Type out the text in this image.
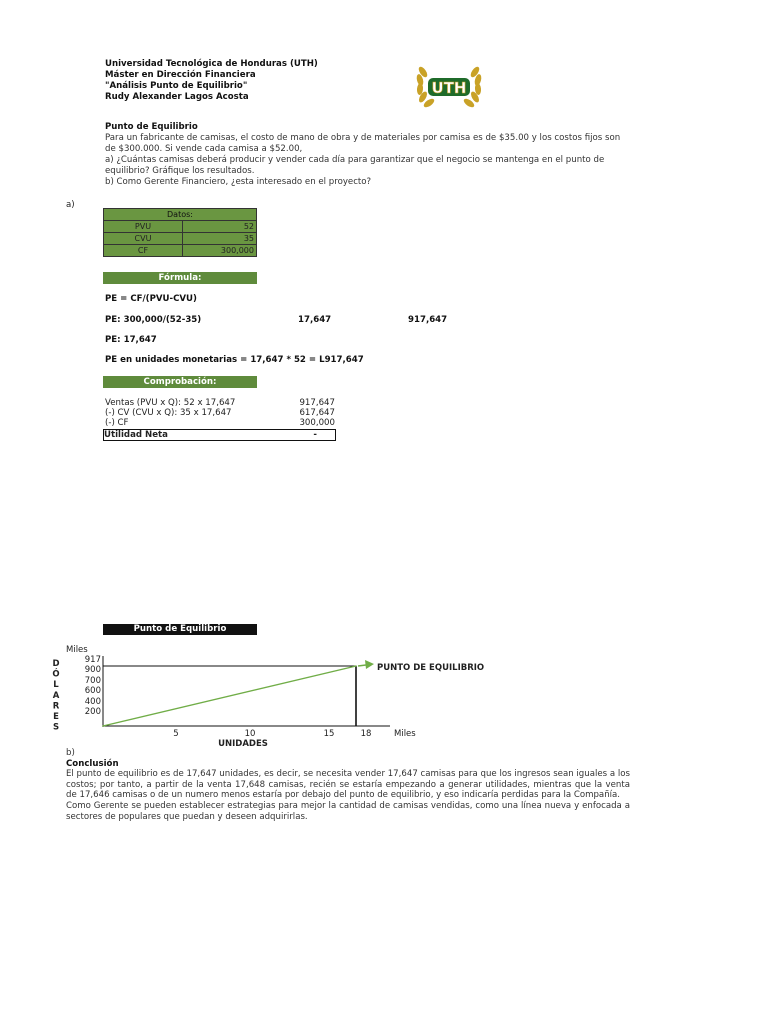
Universidad Tecnológica de Honduras (UTH)
Máster en Dirección Financiera
"Análisis Punto de Equilibrio"
Rudy Alexander Lagos Acosta	UTH
Punto de Equilibrio
Para un fabricante de camisas, el costo de mano de obra y de materiales por camisa es de $35.00 y los costos fijos son de $300.000. Si vende cada camisa a $52.00,
a) ¿Cuántas camisas deberá producir y vender cada día para garantizar que el negocio se mantenga en el punto de equilibrio? Gráfique los resultados.
b) Como Gerente Financiero, ¿esta interesado en el proyecto?
a)
Datos:	
PVU	52
CVU	35
CF	300,000
Fórmula:
PE = CF/(PVU-CVU)
PE: 300,000/(52-35)	17,647	917,647
PE: 17,647
PE en unidades monetarias = 17,647 * 52 = L917,647
Comprobación:
Ventas (PVU x Q): 52 x 17,647	917,647
(-) CV (CVU x Q): 35 x 17,647	617,647
(-) CF	300,000
Utilidad Neta	-
Punto de Equilibrio
Miles
D
Ó
L
A
R
E
S
917
900
700
600
400
200
5	10	15	18	Miles
UNIDADES
PUNTO DE EQUILIBRIO
b)
Conclusión
El punto de equilibrio es de 17,647 unidades, es decir, se necesita vender 17,647 camisas para que los ingresos sean iguales a los costos; por tanto, a partir de la venta 17,648 camisas, recién se estaría empezando a generar utilidades, mientras que la venta de 17,646 camisas o de un numero menos estaría por debajo del punto de equilibrio, y eso indicaría perdidas para la Compañía.
Como Gerente se pueden establecer estrategias para mejor la cantidad de camisas vendidas, como una línea nueva y enfocada a sectores de populares que puedan y deseen adquirirlas.
